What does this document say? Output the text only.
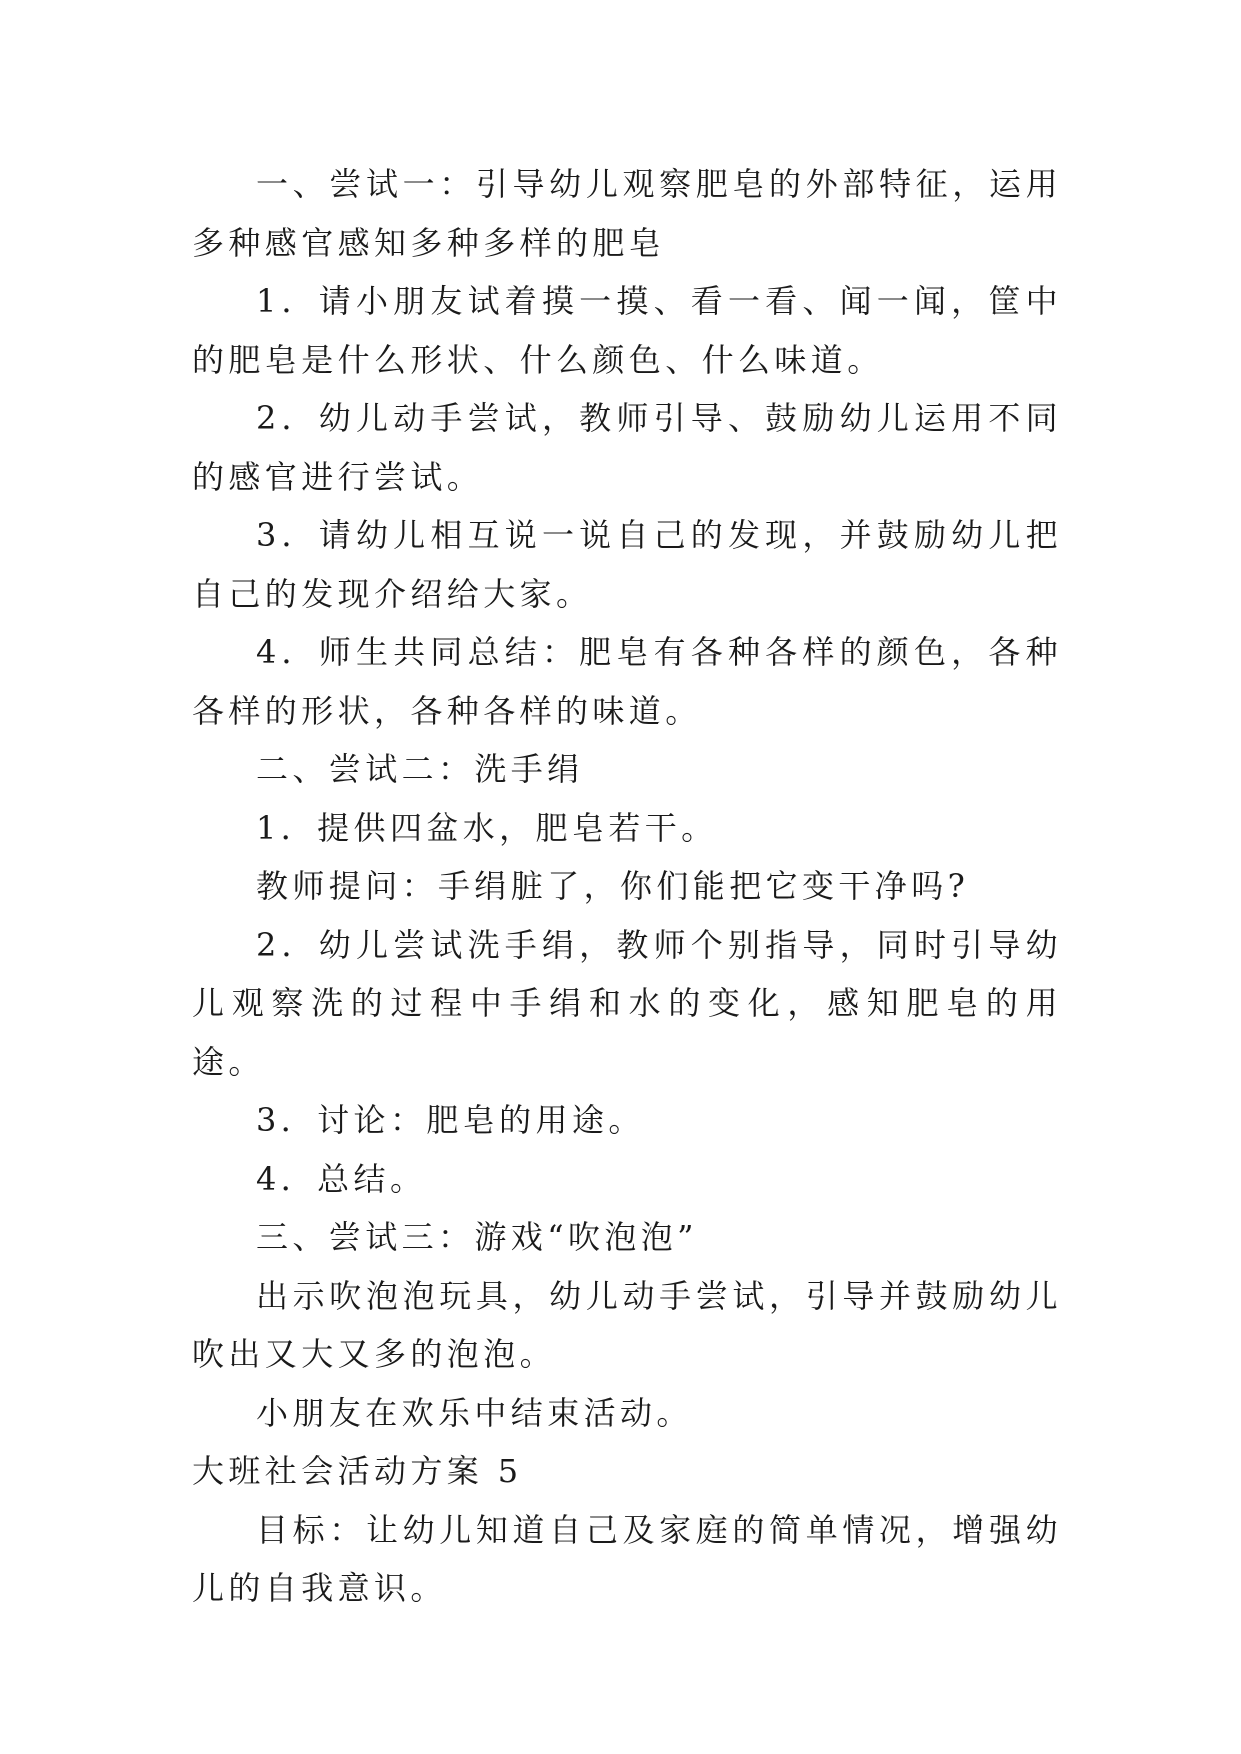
一、尝试一：引导幼儿观察肥皂的外部特征，运用多种感官感知多种多样的肥皂

1．请小朋友试着摸一摸、看一看、闻一闻，筐中的肥皂是什么形状、什么颜色、什么味道。

2．幼儿动手尝试，教师引导、鼓励幼儿运用不同的感官进行尝试。

3．请幼儿相互说一说自己的发现，并鼓励幼儿把自己的发现介绍给大家。

4．师生共同总结：肥皂有各种各样的颜色，各种各样的形状，各种各样的味道。

二、尝试二：洗手绢

1．提供四盆水，肥皂若干。

教师提问：手绢脏了，你们能把它变干净吗?

2．幼儿尝试洗手绢，教师个别指导，同时引导幼儿观察洗的过程中手绢和水的变化，感知肥皂的用途。

3．讨论：肥皂的用途。

4．总结。

三、尝试三：游戏“吹泡泡”

出示吹泡泡玩具，幼儿动手尝试，引导并鼓励幼儿吹出又大又多的泡泡。

小朋友在欢乐中结束活动。

大班社会活动方案 5

目标：让幼儿知道自己及家庭的简单情况，增强幼儿的自我意识。
